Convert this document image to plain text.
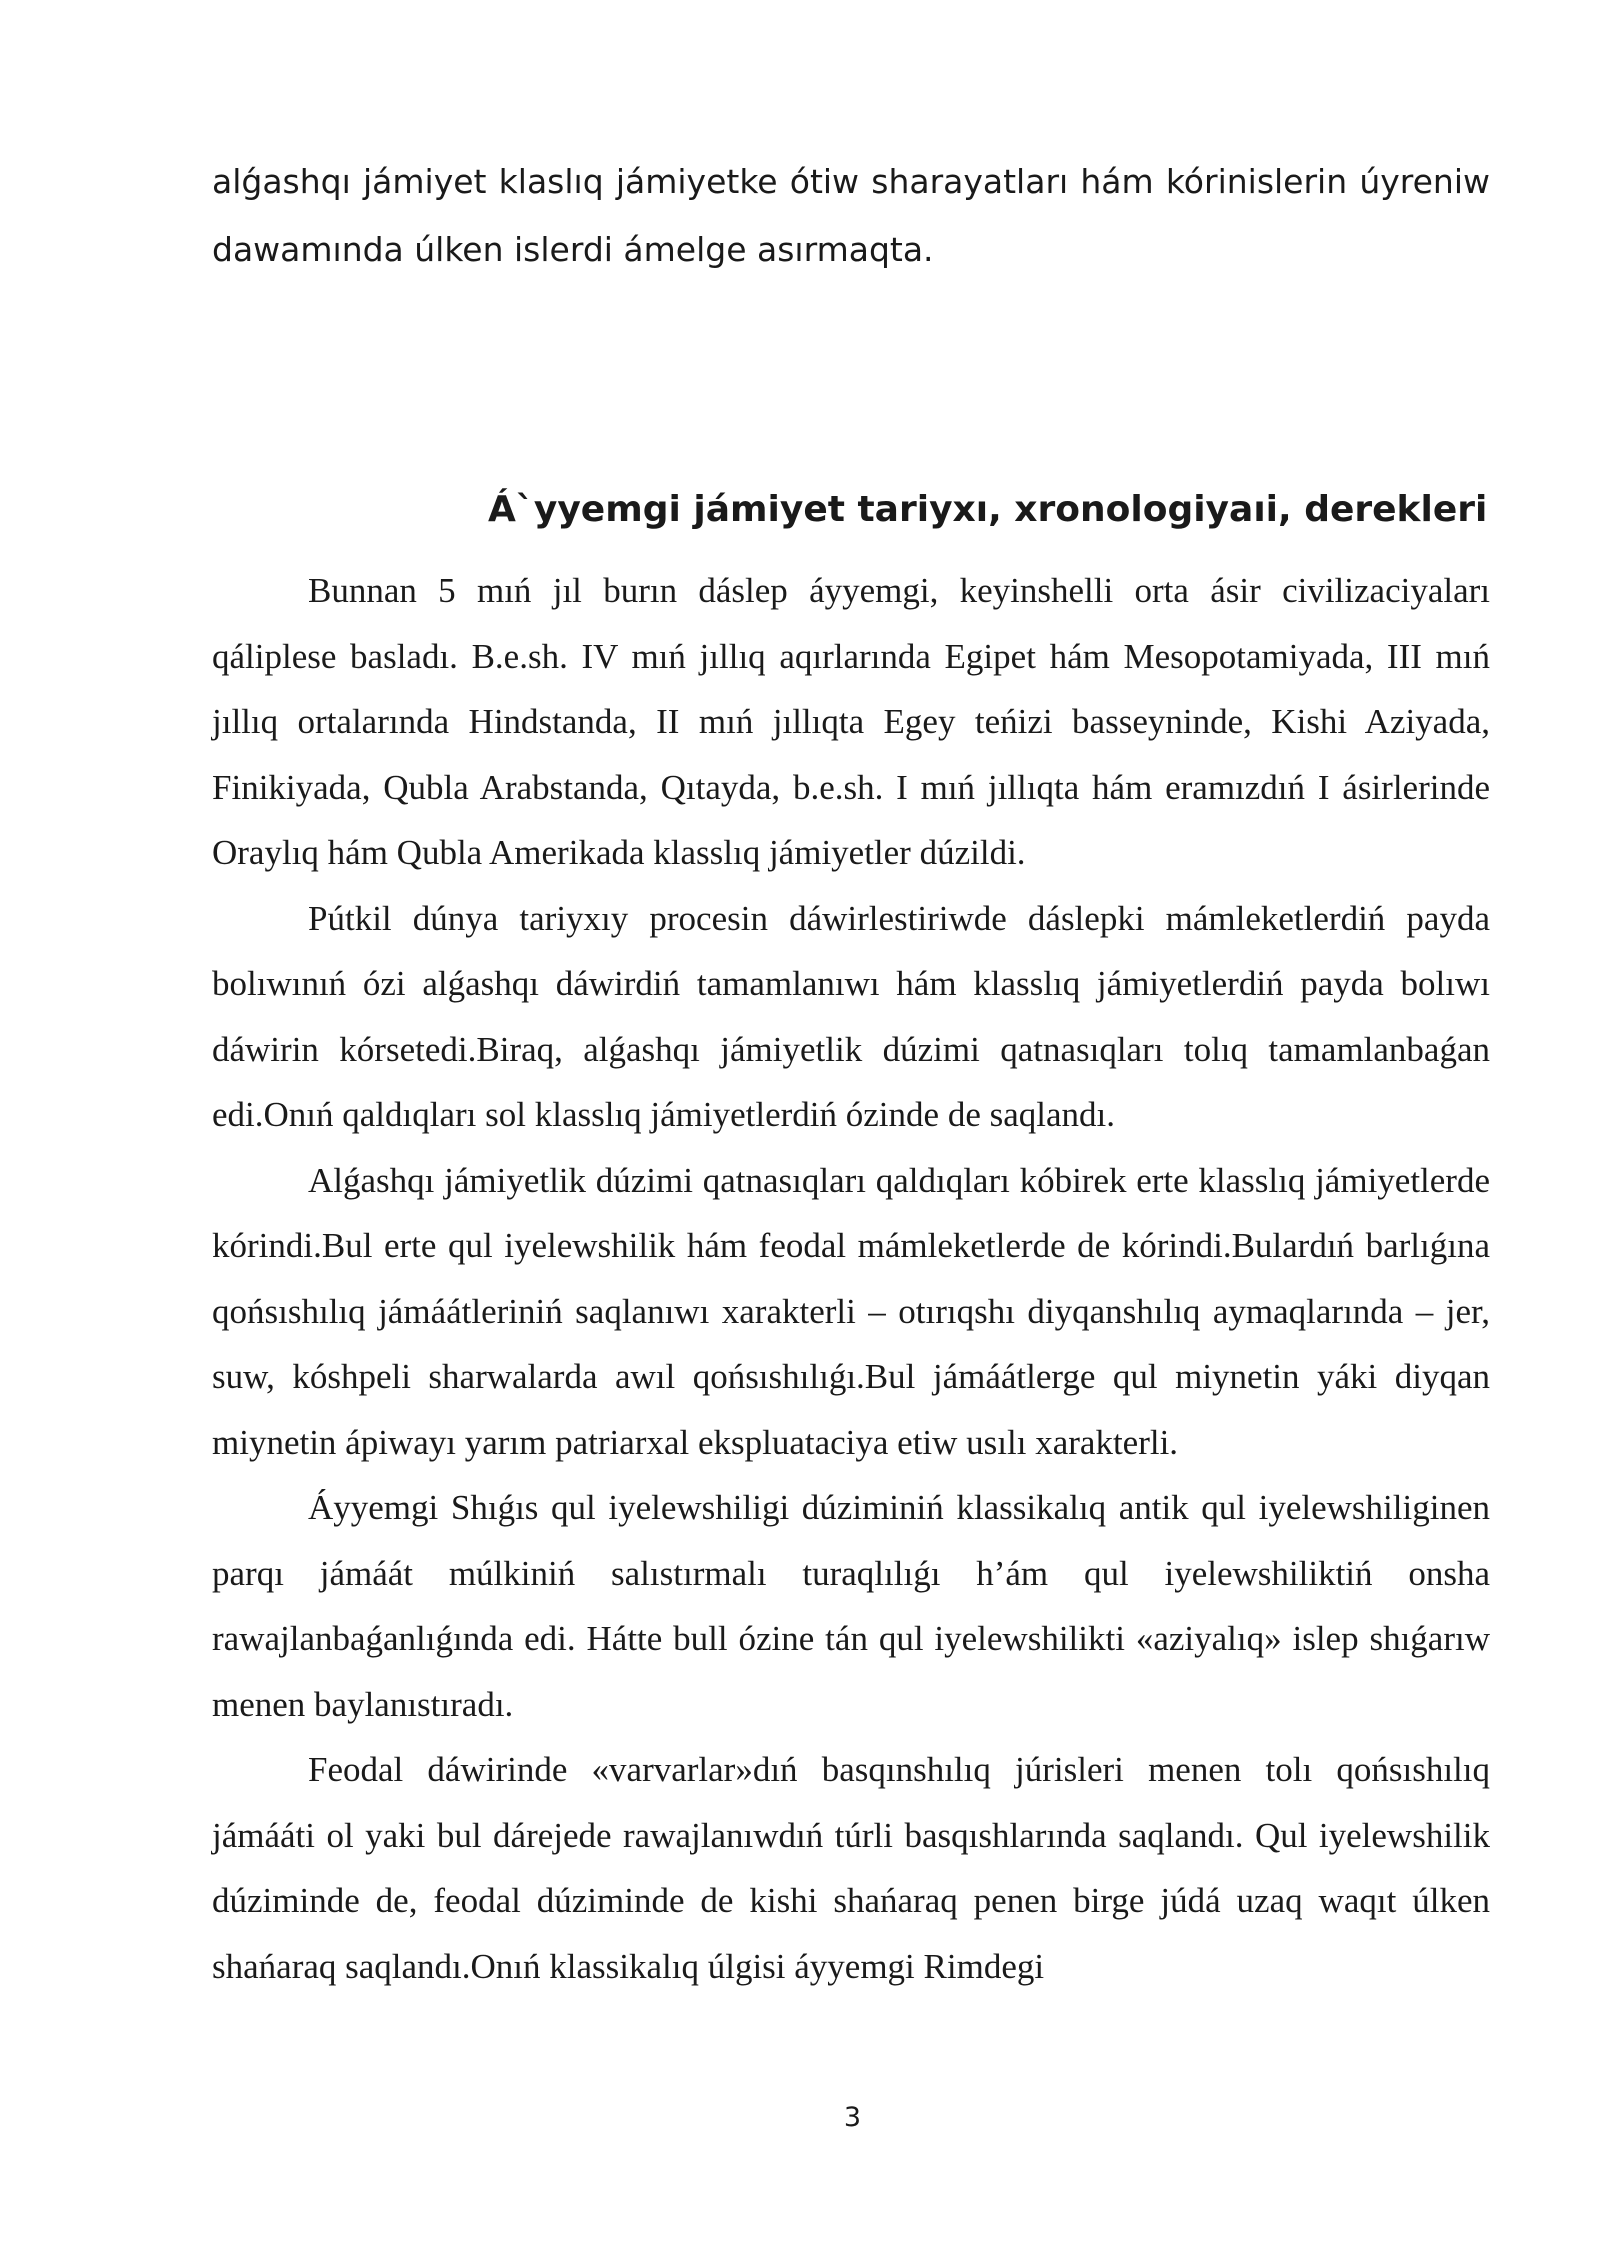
alǵashqı jámiyet klaslıq jámiyetke ótiw sharayatları hám kórinislerin úyreniw dawamında úlken islerdi ámelge asırmaqta.

Á`yyemgi jámiyet tariyxı, xronologiyaıi, derekleri

Bunnan 5 mıń jıl burın dáslep áyyemgi, keyinshelli orta ásir civilizaciyaları qáliplese basladı. B.e.sh. IV mıń jıllıq aqırlarında Egipet hám Mesopotamiyada, III mıń jıllıq ortalarında Hindstanda, II mıń jıllıqta Egey teńizi basseyninde, Kishi Aziyada, Finikiyada, Qubla Arabstanda, Qıtayda, b.e.sh. I mıń jıllıqta hám eramızdıń I ásirlerinde Oraylıq hám Qubla Amerikada klasslıq jámiyetler dúzildi.

Pútkil dúnya tariyxıy procesin dáwirlestiriwde dáslepki mámleketlerdiń payda bolıwınıń ózi alǵashqı dáwirdiń tamamlanıwı hám klasslıq jámiyetlerdiń payda bolıwı dáwirin kórsetedi.Biraq, alǵashqı jámiyetlik dúzimi qatnasıqları tolıq tamamlanbaǵan edi.Onıń qaldıqları sol klasslıq jámiyetlerdiń ózinde de saqlandı.

Alǵashqı jámiyetlik dúzimi qatnasıqları qaldıqları kóbirek erte klasslıq jámiyetlerde kórindi.Bul erte qul iyelewshilik hám feodal mámleketlerde de kórindi.Bulardıń barlıǵına qońsıshılıq jámáátleriniń saqlanıwı xarakterli – otırıqshı diyqanshılıq aymaqlarında – jer, suw, kóshpeli sharwalarda awıl qońsıshılıǵı.Bul jámáátlerge qul miynetin yáki diyqan miynetin ápiwayı yarım patriarxal ekspluataciya etiw usılı xarakterli.

Áyyemgi Shıǵıs qul iyelewshiligi dúziminiń klassikalıq antik qul iyelewshiliginen parqı jámáát múlkiniń salıstırmalı turaqlılıǵı h’ám qul iyelewshiliktiń onsha rawajlanbaǵanlıǵında edi. Hátte bull ózine tán qul iyelewshilikti «aziyalıq» islep shıǵarıw menen baylanıstıradı.

Feodal dáwirinde «varvarlar»dıń basqınshılıq júrisleri menen tolı qońsıshılıq jámááti ol yaki bul dárejede rawajlanıwdıń túrli basqıshlarında saqlandı. Qul iyelewshilik dúziminde de, feodal dúziminde de kishi shańaraq penen birge júdá uzaq waqıt úlken shańaraq saqlandı.Onıń klassikalıq úlgisi áyyemgi Rimdegi

3
